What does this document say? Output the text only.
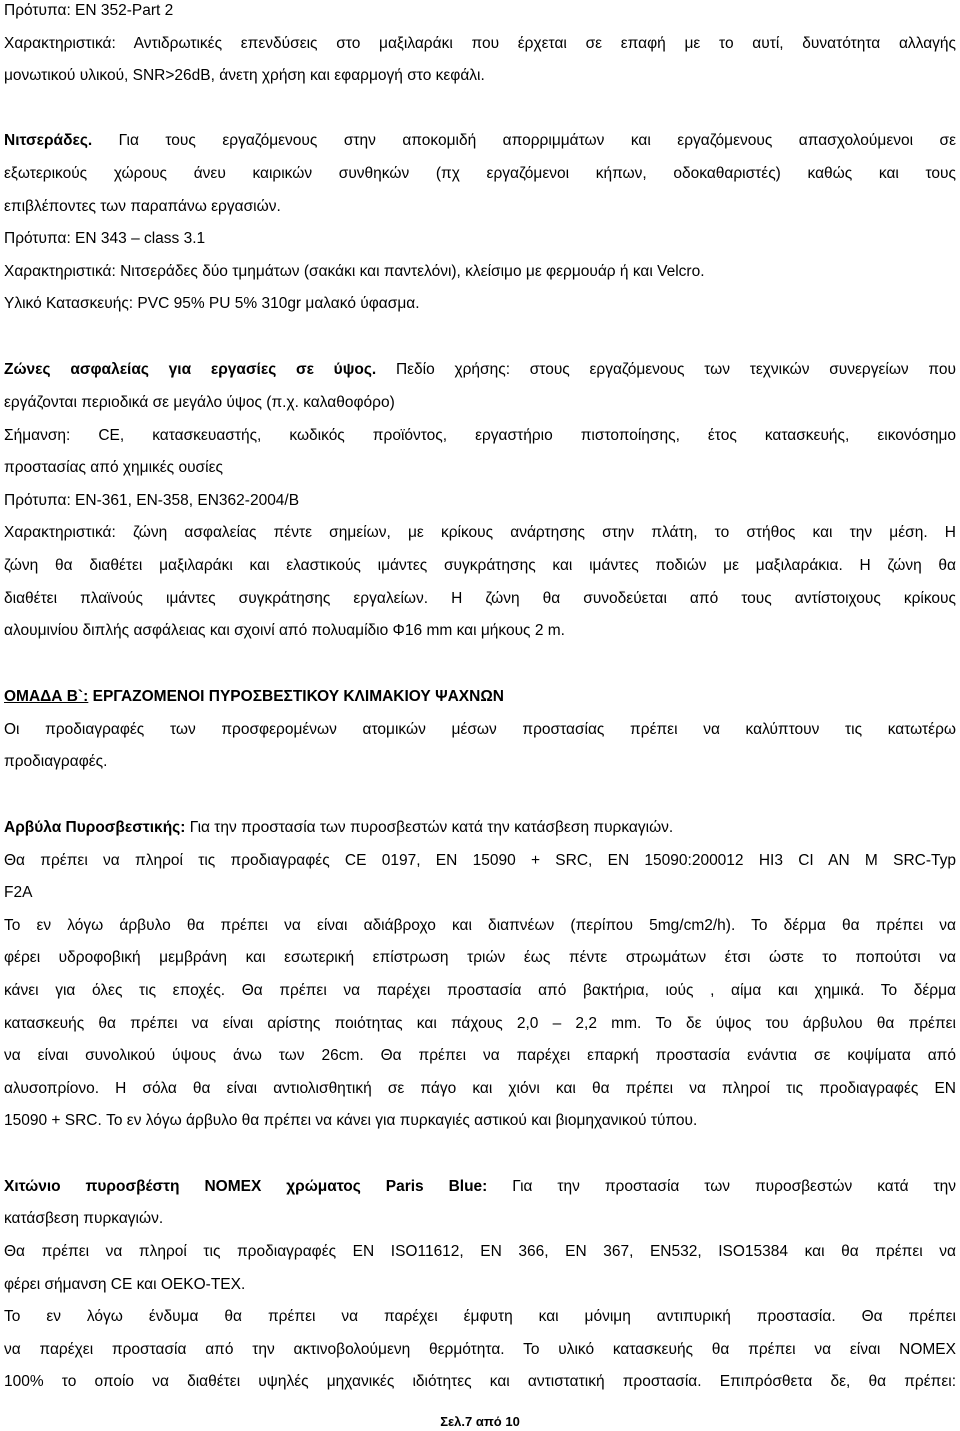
Πρότυπα: EN 352-Part 2
Χαρακτηριστικά: Αντιδρωτικές επενδύσεις στο μαξιλαράκι που έρχεται σε επαφή με το αυτί, δυνατότητα αλλαγής
μονωτικού υλικού, SNR>26dB, άνετη χρήση και εφαρμογή στο κεφάλι.
Νιτσεράδες. Για τους εργαζόμενους στην αποκομιδή απορριμμάτων και εργαζόμενους απασχολούμενοι σε
εξωτερικούς χώρους άνευ καιρικών συνθηκών (πχ εργαζόμενοι κήπων, οδοκαθαριστές) καθώς και τους
επιβλέποντες των παραπάνω εργασιών.
Πρότυπα: EN 343 – class 3.1
Χαρακτηριστικά: Νιτσεράδες δύο τμημάτων (σακάκι και παντελόνι), κλείσιμο με φερμουάρ ή και Velcro.
Υλικό Κατασκευής: PVC 95% PU 5% 310gr μαλακό ύφασμα.
Ζώνες ασφαλείας για εργασίες σε ύψος. Πεδίο χρήσης: στους εργαζόμενους των τεχνικών συνεργείων που
εργάζονται περιοδικά σε μεγάλο ύψος (π.χ. καλαθοφόρο)
Σήμανση: CE, κατασκευαστής, κωδικός προϊόντος, εργαστήριο πιστοποίησης, έτος κατασκευής, εικονόσημο
προστασίας από χημικές ουσίες
Πρότυπα: EN-361, EN-358, EN362-2004/B
Χαρακτηριστικά: ζώνη ασφαλείας πέντε σημείων, με κρίκους ανάρτησης στην πλάτη, το στήθος και την μέση. Η
ζώνη θα διαθέτει μαξιλαράκι και ελαστικούς ιμάντες συγκράτησης και ιμάντες ποδιών με μαξιλαράκια. Η ζώνη θα
διαθέτει πλαϊνούς ιμάντες συγκράτησης εργαλείων. Η ζώνη θα συνοδεύεται από τους αντίστοιχους κρίκους
αλουμινίου διπλής ασφάλειας και σχοινί από πολυαμίδιο Φ16 mm και μήκους 2 m.
ΟΜΑΔΑ Β`: ΕΡΓΑΖΟΜΕΝΟΙ ΠΥΡΟΣΒΕΣΤΙΚΟΥ ΚΛΙΜΑΚΙΟΥ ΨΑΧΝΩΝ
Οι προδιαγραφές των προσφερομένων ατομικών μέσων προστασίας πρέπει να καλύπτουν τις κατωτέρω
προδιαγραφές.
Αρβύλα Πυροσβεστικής: Για την προστασία των πυροσβεστών κατά την κατάσβεση πυρκαγιών.
Θα πρέπει να πληροί τις προδιαγραφές CE 0197, EN 15090 + SRC, EN 15090:200012 HI3 CI AN M SRC-Typ
F2A
Το εν λόγω άρβυλο θα πρέπει να είναι αδιάβροχο και διαπνέων (περίπου 5mg/cm2/h). Το δέρμα θα πρέπει να
φέρει υδροφοβική μεμβράνη και εσωτερική επίστρωση τριών έως πέντε στρωμάτων έτσι ώστε το ποπούτσι να
κάνει για όλες τις εποχές. Θα πρέπει να παρέχει προστασία από βακτήρια, ιούς , αίμα και χημικά. Το δέρμα
κατασκευής θα πρέπει να είναι αρίστης ποιότητας και πάχους 2,0 – 2,2 mm. Το δε ύψος του άρβυλου θα πρέπει
να είναι συνολικού ύψους άνω των 26cm. Θα πρέπει να παρέχει επαρκή προστασία ενάντια σε κοψίματα από
αλυσοπρίονο. Η σόλα θα είναι αντιολισθητική σε πάγο και χιόνι και θα πρέπει να πληροί τις προδιαγραφές EN
15090 + SRC. Το εν λόγω άρβυλο θα πρέπει να κάνει για πυρκαγιές αστικού και βιομηχανικού τύπου.
Χιτώνιο πυροσβέστη NOMEX χρώματος Paris Blue: Για την προστασία των πυροσβεστών κατά την
κατάσβεση πυρκαγιών.
Θα πρέπει να πληροί τις προδιαγραφές EN ISO11612, EN 366, EN 367, EN532, ISO15384 και θα πρέπει να
φέρει σήμανση CE και OEKO-TEX.
Το εν λόγω ένδυμα θα πρέπει να παρέχει έμφυτη και μόνιμη αντιπυρική προστασία. Θα πρέπει
να παρέχει προστασία από την ακτινοβολούμενη θερμότητα. Το υλικό κατασκευής θα πρέπει να είναι NOMEX
100% το οποίο να διαθέτει υψηλές μηχανικές ιδιότητες και αντιστατική προστασία. Επιπρόσθετα δε, θα πρέπει:
Σελ.7 από 10
